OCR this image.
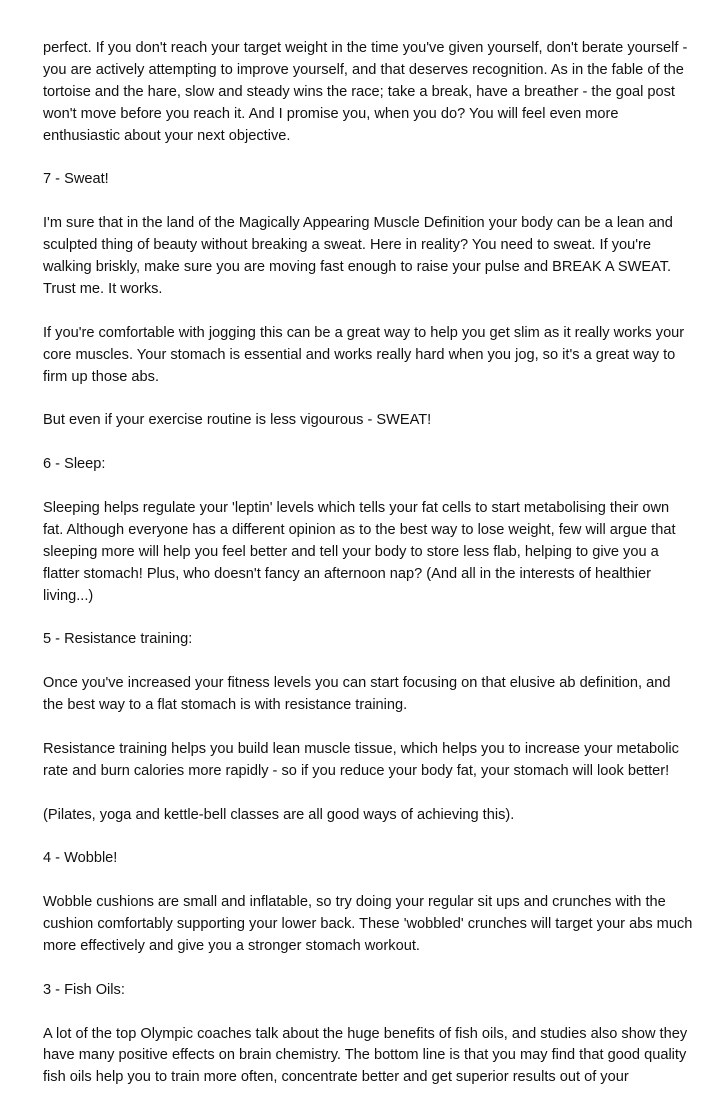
perfect. If you don't reach your target weight in the time you've given yourself, don't berate yourself - you are actively attempting to improve yourself, and that deserves recognition. As in the fable of the tortoise and the hare, slow and steady wins the race; take a break, have a breather - the goal post won't move before you reach it. And I promise you, when you do? You will feel even more enthusiastic about your next objective.

7 - Sweat!

I'm sure that in the land of the Magically Appearing Muscle Definition your body can be a lean and sculpted thing of beauty without breaking a sweat. Here in reality? You need to sweat. If you're walking briskly, make sure you are moving fast enough to raise your pulse and BREAK A SWEAT. Trust me. It works.

If you're comfortable with jogging this can be a great way to help you get slim as it really works your core muscles. Your stomach is essential and works really hard when you jog, so it's a great way to firm up those abs.

But even if your exercise routine is less vigourous - SWEAT!

6 - Sleep:

Sleeping helps regulate your 'leptin' levels which tells your fat cells to start metabolising their own fat. Although everyone has a different opinion as to the best way to lose weight, few will argue that sleeping more will help you feel better and tell your body to store less flab, helping to give you a flatter stomach! Plus, who doesn't fancy an afternoon nap? (And all in the interests of healthier living...)

5 - Resistance training:

Once you've increased your fitness levels you can start focusing on that elusive ab definition, and the best way to a flat stomach is with resistance training.

Resistance training helps you build lean muscle tissue, which helps you to increase your metabolic rate and burn calories more rapidly - so if you reduce your body fat, your stomach will look better!

(Pilates, yoga and kettle-bell classes are all good ways of achieving this).

4 - Wobble!

Wobble cushions are small and inflatable, so try doing your regular sit ups and crunches with the cushion comfortably supporting your lower back. These 'wobbled' crunches will target your abs much more effectively and give you a stronger stomach workout.

3 - Fish Oils:

A lot of the top Olympic coaches talk about the huge benefits of fish oils, and studies also show they have many positive effects on brain chemistry. The bottom line is that you may find that good quality fish oils help you to train more often, concentrate better and get superior results out of your
